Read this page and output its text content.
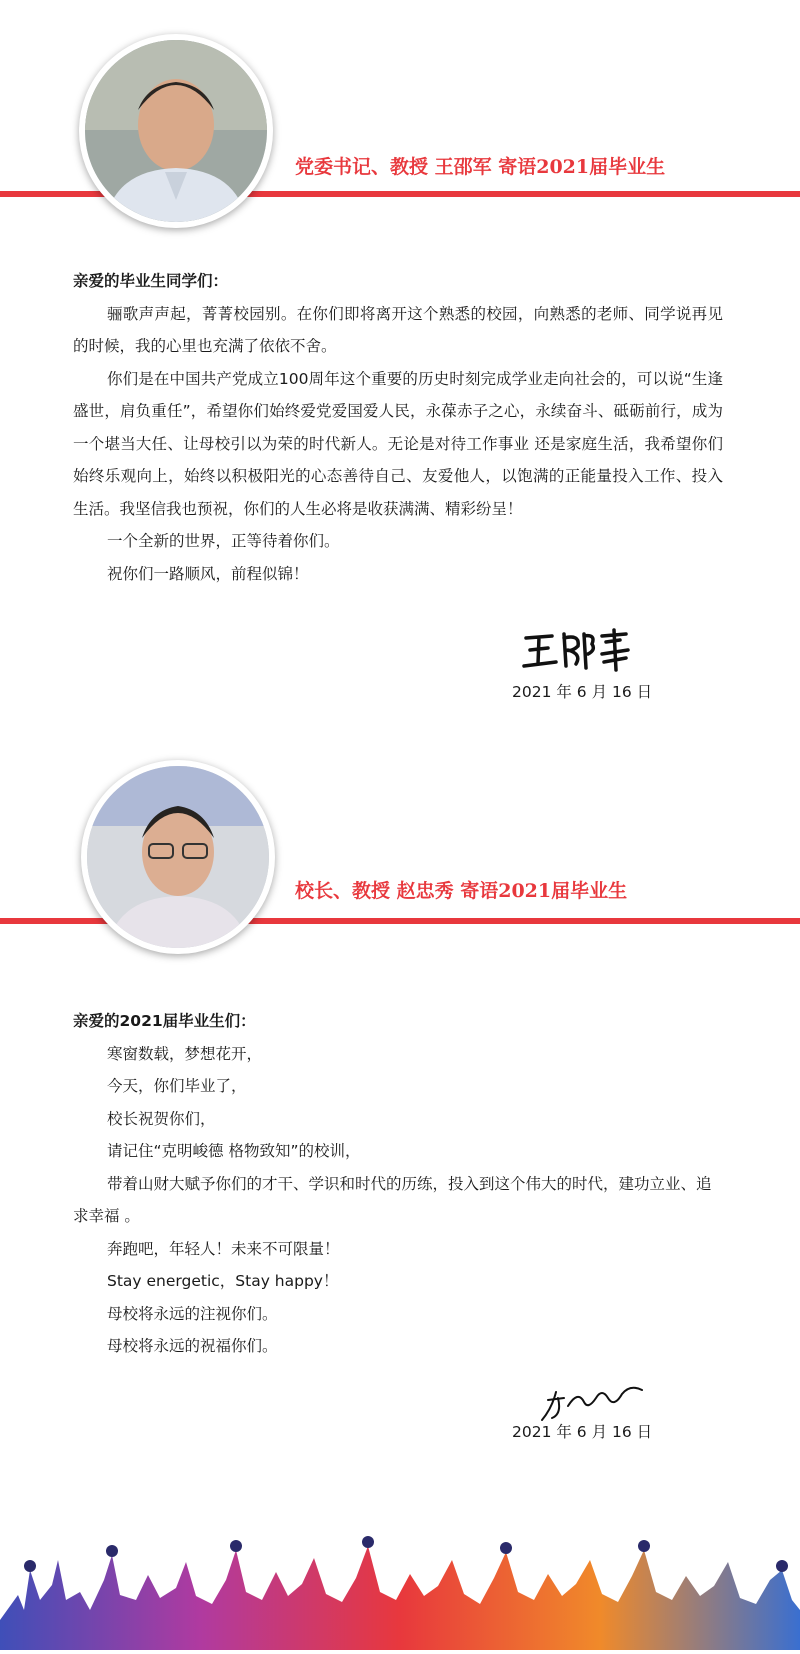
党委书记、教授 王邵军 寄语2021届毕业生
亲爱的毕业生同学们：

骊歌声声起，菁菁校园别。在你们即将离开这个熟悉的校园，向熟悉的老师、同学说再见的时候，我的心里也充满了依依不舍。

你们是在中国共产党成立100周年这个重要的历史时刻完成学业走向社会的，可以说“生逢盛世，肩负重任”，希望你们始终爱党爱国爱人民，永葆赤子之心，永续奋斗、砥砺前行，成为一个堪当大任、让母校引以为荣的时代新人。无论是对待工作事业 还是家庭生活，我希望你们始终乐观向上，始终以积极阳光的心态善待自己、友爱他人，以饱满的正能量投入工作、投入生活。我坚信我也预祝，你们的人生必将是收获满满、精彩纷呈！

一个全新的世界，正等待着你们。

祝你们一路顺风，前程似锦！

2021 年 6 月 16 日
校长、教授 赵忠秀 寄语2021届毕业生
亲爱的2021届毕业生们：

寒窗数载，梦想花开，

今天，你们毕业了，

校长祝贺你们，

请记住“克明峻德 格物致知”的校训，

带着山财大赋予你们的才干、学识和时代的历练，投入到这个伟大的时代，建功立业、追求幸福 。

奔跑吧，年轻人！未来不可限量！

Stay energetic，Stay happy！

母校将永远的注视你们。

母校将永远的祝福你们。

2021 年 6 月 16 日
